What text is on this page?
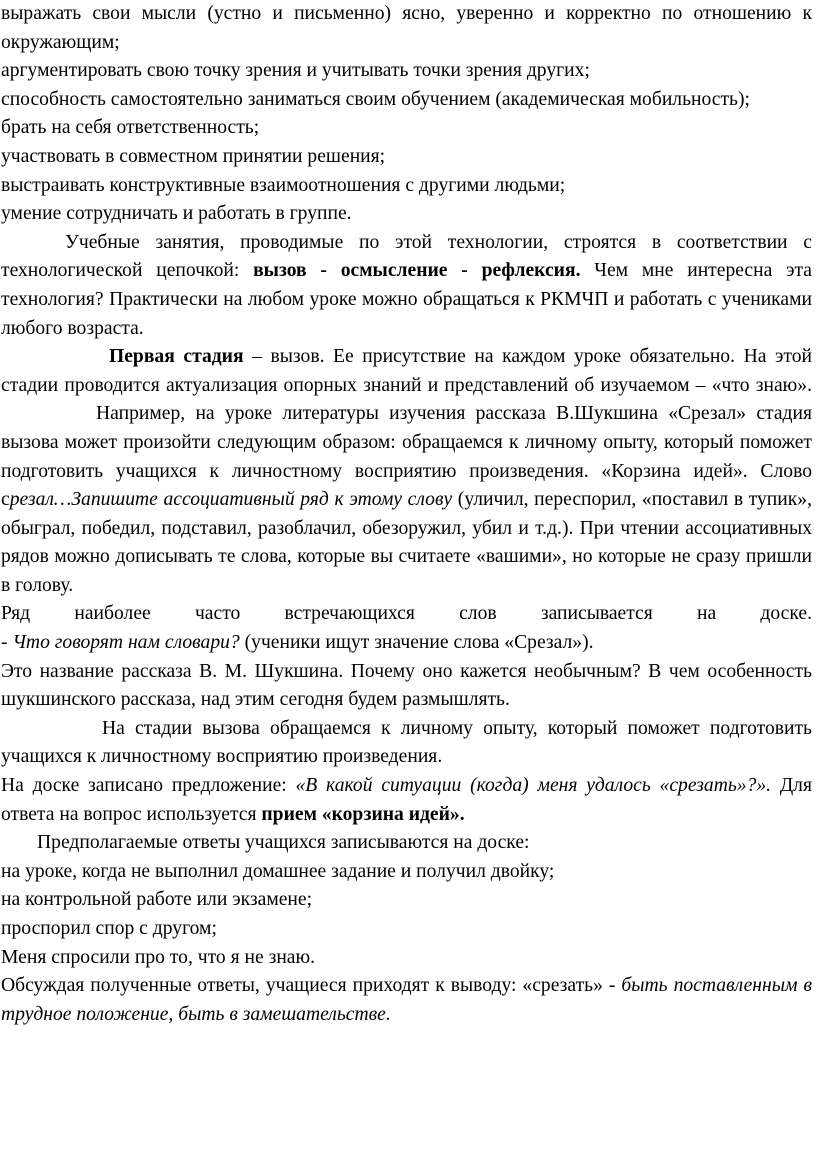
выражать свои мысли (устно и письменно) ясно, уверенно и корректно по отношению к окружающим;

аргументировать свою точку зрения и учитывать точки зрения других;

способность самостоятельно заниматься своим обучением (академическая мобильность);

брать на себя ответственность;

участвовать в совместном принятии решения;

выстраивать конструктивные взаимоотношения с другими людьми;

умение сотрудничать и работать в группе.

Учебные занятия, проводимые по этой технологии, строятся в соответствии с технологической цепочкой: вызов - осмысление - рефлексия. Чем мне интересна эта технология? Практически на любом уроке можно обращаться к РКМЧП и работать с учениками любого возраста.

Первая стадия – вызов. Ее присутствие на каждом уроке обязательно. На этой стадии проводится актуализация опорных знаний и представлений об изучаемом – «что знаю».

Например, на уроке литературы изучения рассказа В.Шукшина «Срезал» стадия вызова может произойти следующим образом: обращаемся к личному опыту, который поможет подготовить учащихся к личностному восприятию произведения. «Корзина идей». Слово срезал…Запишите ассоциативный ряд к этому слову (уличил, переспорил, «поставил в тупик», обыграл, победил, подставил, разоблачил, обезоружил, убил и т.д.). При чтении ассоциативных рядов можно дописывать те слова, которые вы считаете «вашими», но которые не сразу пришли в голову.

Ряд наиболее часто встречающихся слов записывается на доске.

- Что говорят нам словари? (ученики ищут значение слова «Срезал»).

Это название рассказа В. М. Шукшина. Почему оно кажется необычным? В чем особенность шукшинского рассказа, над этим сегодня будем размышлять.

На стадии вызова обращаемся к личному опыту, который поможет подготовить учащихся к личностному восприятию произведения.

На доске записано предложение: «В какой ситуации (когда) меня удалось «срезать»?». Для ответа на вопрос используется прием «корзина идей».

Предполагаемые ответы учащихся записываются на доске:

на уроке, когда не выполнил домашнее задание и получил двойку;

на контрольной работе или экзамене;

проспорил спор с другом;

Меня спросили про то, что я не знаю.

Обсуждая полученные ответы, учащиеся приходят к выводу: «срезать» - быть поставленным в трудное положение, быть в замешательстве.
